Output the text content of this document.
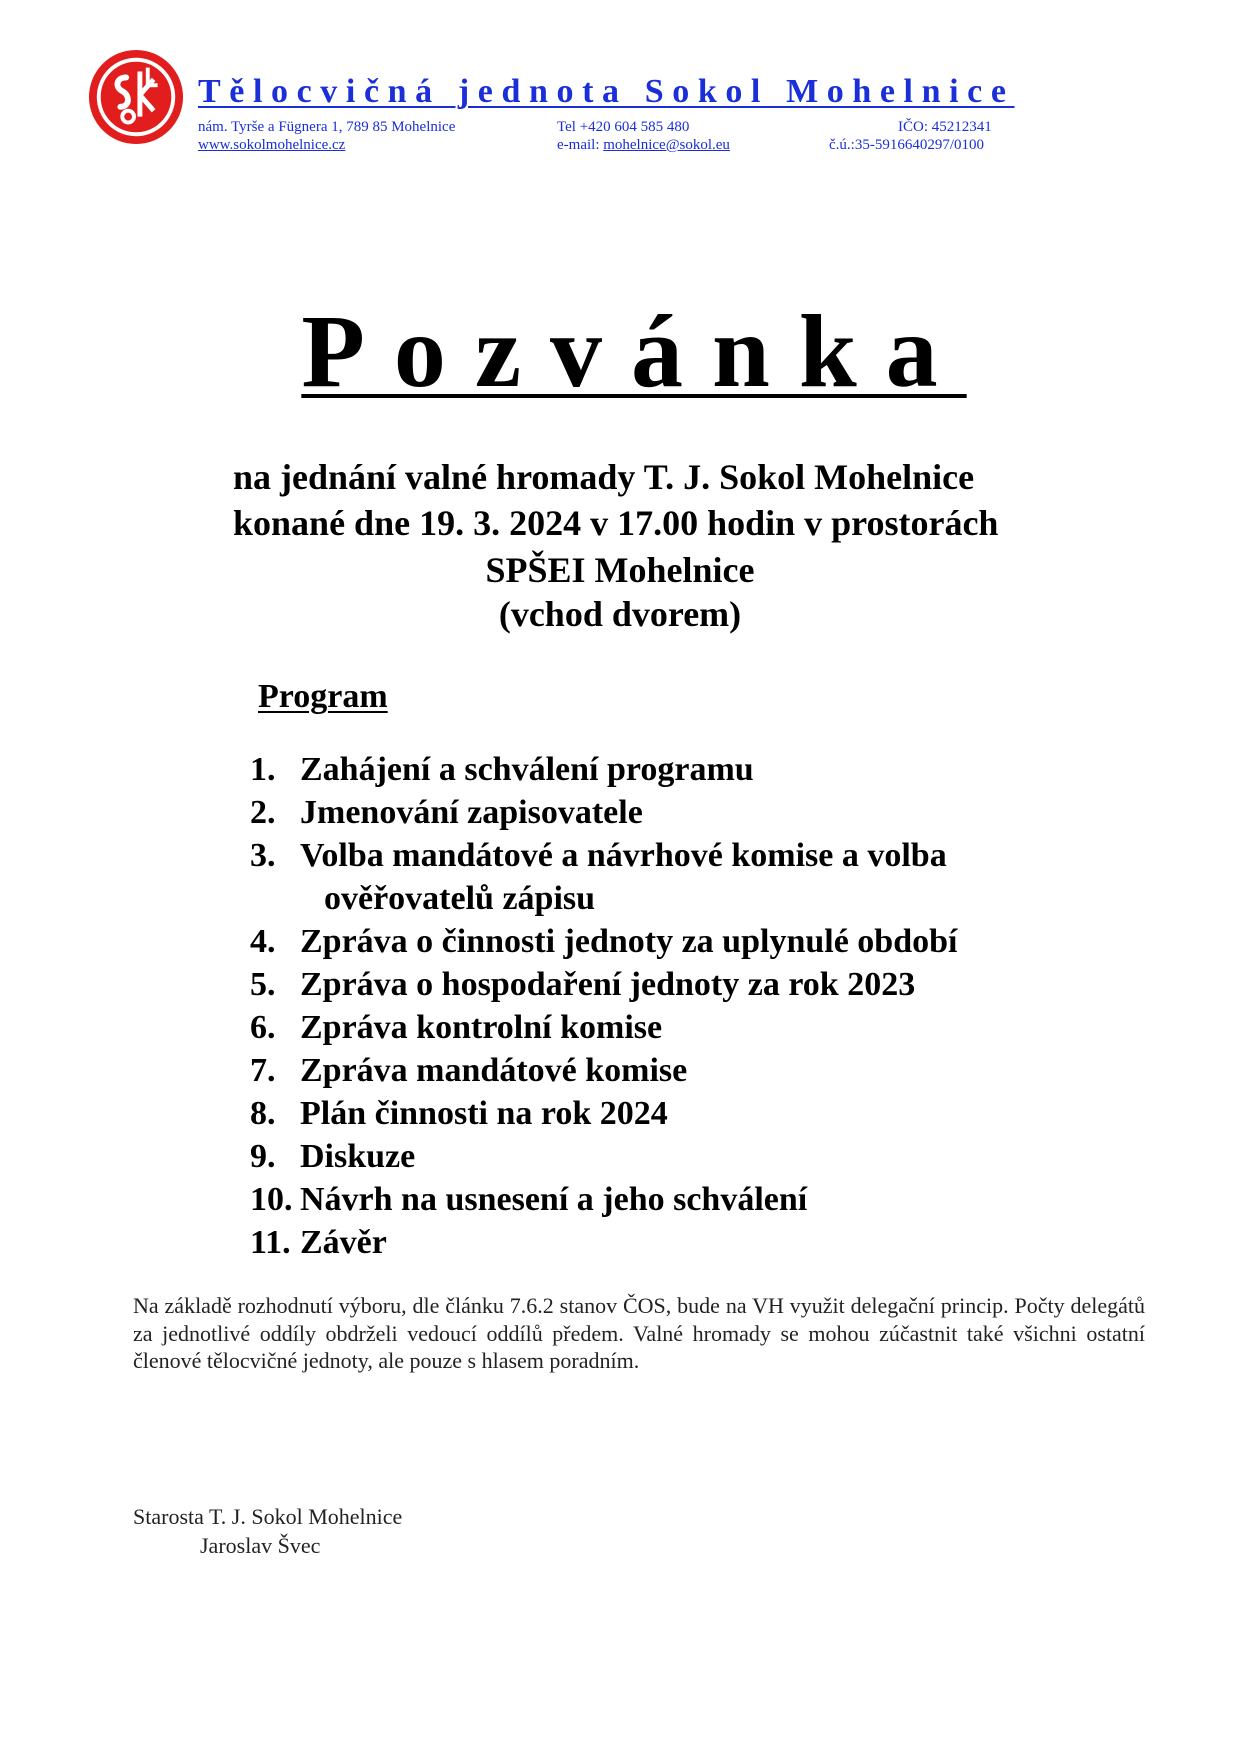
Tělocvičná jednota Sokol Mohelnice
nám. Tyrše a Fügnera 1, 789 85 Mohelnice
www.sokolmohelnice.cz
Tel +420 604 585 480
e-mail: mohelnice@sokol.eu
IČO: 45212341
č.ú.:35-5916640297/0100
Pozvánka
na jednání valné hromady T. J. Sokol Mohelnice
konané dne 19. 3. 2024 v 17.00 hodin v prostorách
SPŠEI Mohelnice
(vchod dvorem)
Program
1. Zahájení a schválení programu
2. Jmenování zapisovatele
3. Volba mandátové a návrhové komise a volba
ověřovatelů zápisu
4. Zpráva o činnosti jednoty za uplynulé období
5. Zpráva o hospodaření jednoty za rok 2023
6. Zpráva kontrolní komise
7. Zpráva mandátové komise
8. Plán činnosti na rok 2024
9. Diskuze
10. Návrh na usnesení a jeho schválení
11. Závěr

Na základě rozhodnutí výboru, dle článku 7.6.2 stanov ČOS, bude na VH využit delegační princip. Počty delegátů za jednotlivé oddíly obdrželi vedoucí oddílů předem. Valné hromady se mohou zúčastnit také všichni ostatní členové tělocvičné jednoty, ale pouze s hlasem poradním.

Starosta T. J. Sokol Mohelnice
Jaroslav Švec
